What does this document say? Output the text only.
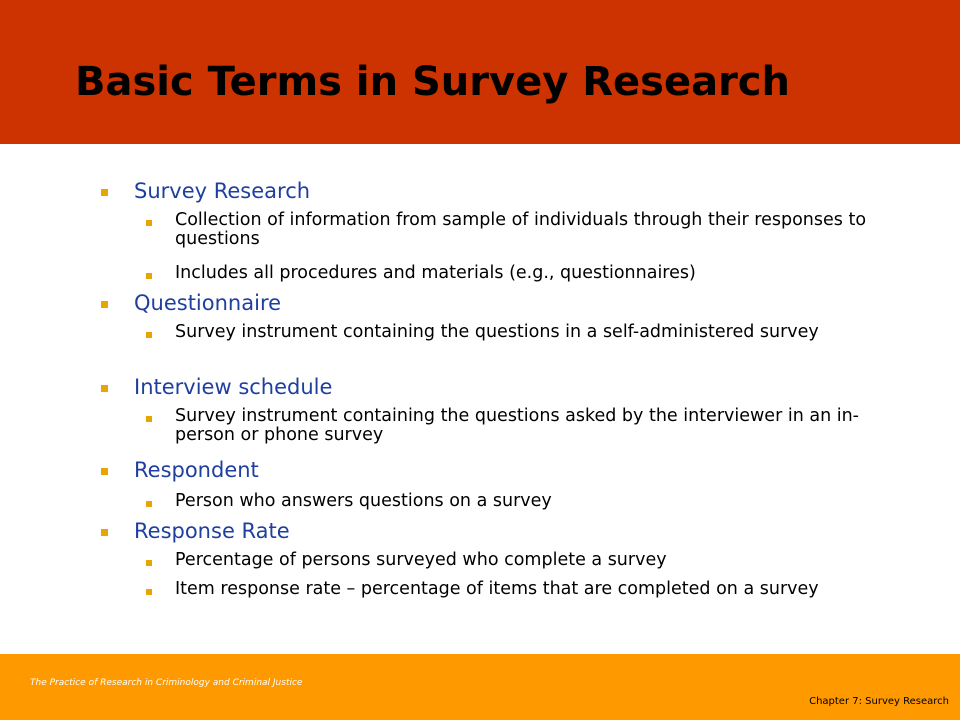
Basic Terms in Survey Research
Survey Research
Collection of information from sample of individuals through their responses to questions
Includes all procedures and materials (e.g., questionnaires)
Questionnaire
Survey instrument containing the questions in a self-administered survey
Interview schedule
Survey instrument containing the questions asked by the interviewer in an in-person or phone survey
Respondent
Person who answers questions on a survey
Response Rate
Percentage of persons surveyed who complete a survey
Item response rate – percentage of items that are completed on a survey

The Practice of Research in Criminology and Criminal Justice

Chapter 7: Survey Research
